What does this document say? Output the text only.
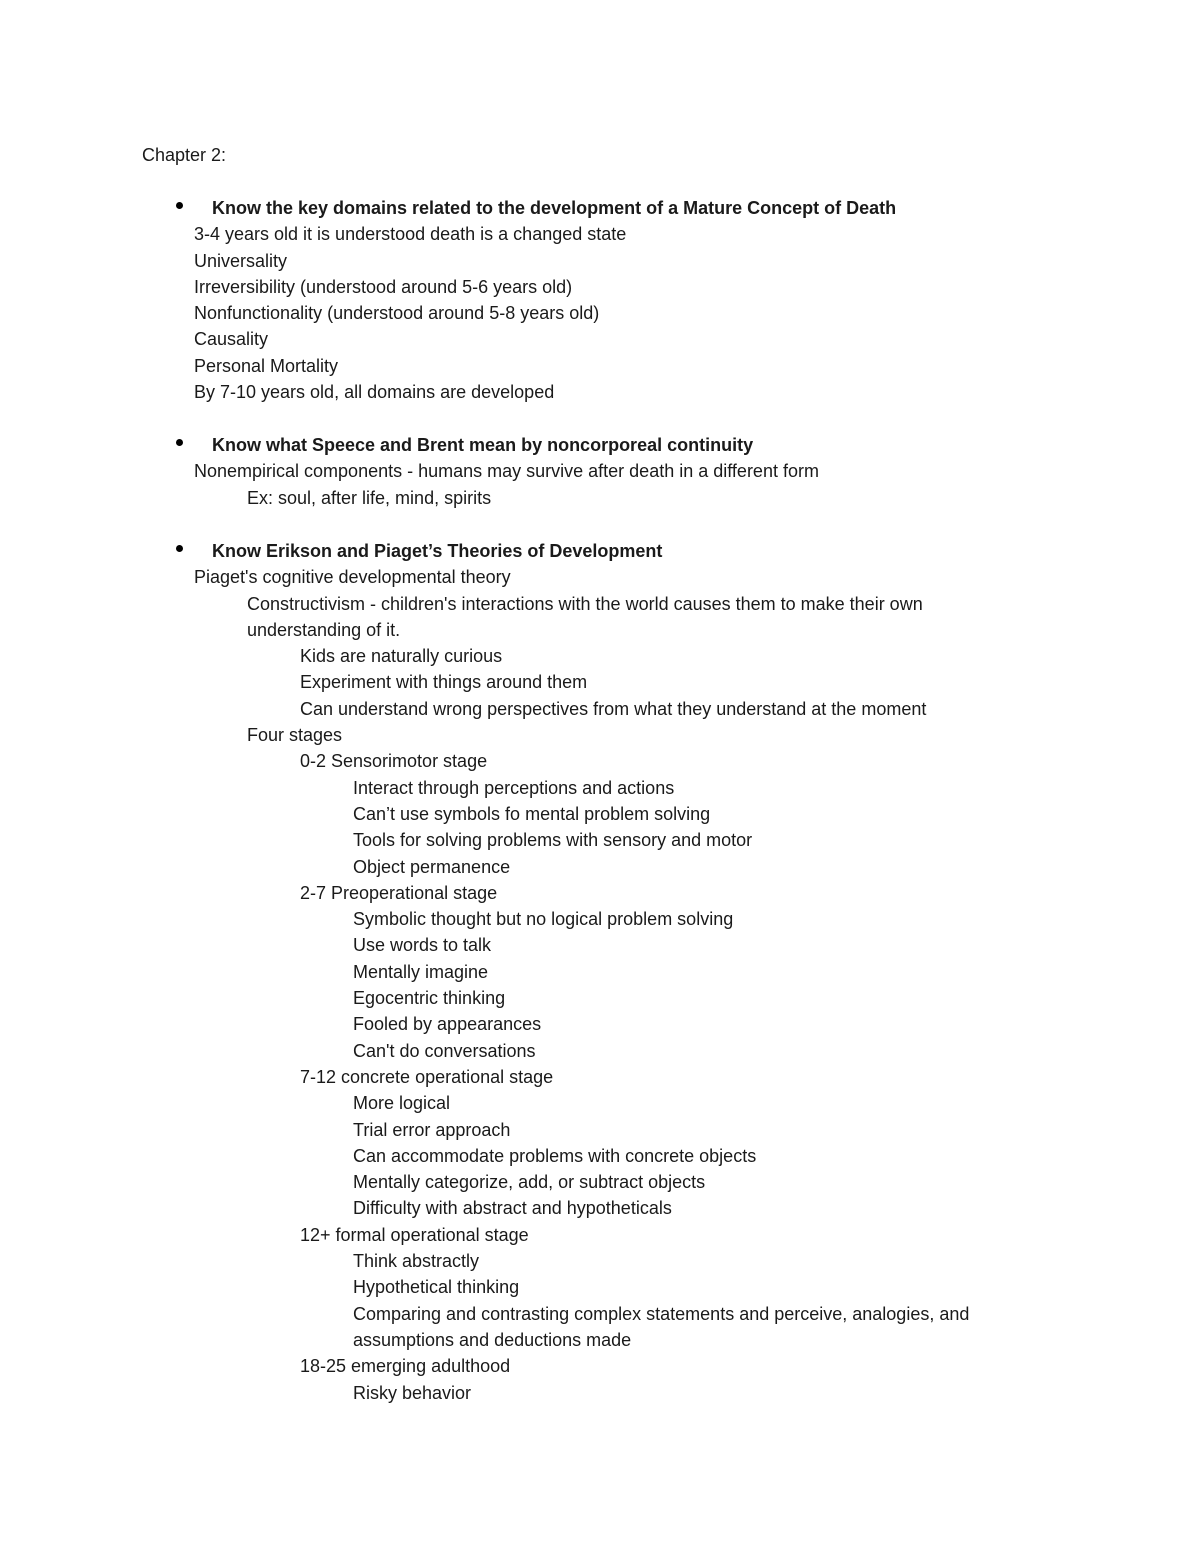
Chapter 2:
Know the key domains related to the development of a Mature Concept of Death
3-4 years old it is understood death is a changed state
Universality
Irreversibility (understood around 5-6 years old)
Nonfunctionality (understood around 5-8 years old)
Causality
Personal Mortality
By 7-10 years old, all domains are developed
Know what Speece and Brent mean by noncorporeal continuity
Nonempirical components - humans may survive after death in a different form
Ex: soul, after life, mind, spirits
Know Erikson and Piaget’s Theories of Development
Piaget's cognitive developmental theory
Constructivism - children's interactions with the world causes them to make their own
understanding of it.
Kids are naturally curious
Experiment with things around them
Can understand wrong perspectives from what they understand at the moment
Four stages
0-2 Sensorimotor stage
Interact through perceptions and actions
Can’t use symbols fo mental problem solving
Tools for solving problems with sensory and motor
Object permanence
2-7 Preoperational stage
Symbolic thought but no logical problem solving
Use words to talk
Mentally imagine
Egocentric thinking
Fooled by appearances
Can't do conversations
7-12 concrete operational stage
More logical
Trial error approach
Can accommodate problems with concrete objects
Mentally categorize, add, or subtract objects
Difficulty with abstract and hypotheticals
12+ formal operational stage
Think abstractly
Hypothetical thinking
Comparing and contrasting complex statements and perceive, analogies, and
assumptions and deductions made
18-25 emerging adulthood
Risky behavior
